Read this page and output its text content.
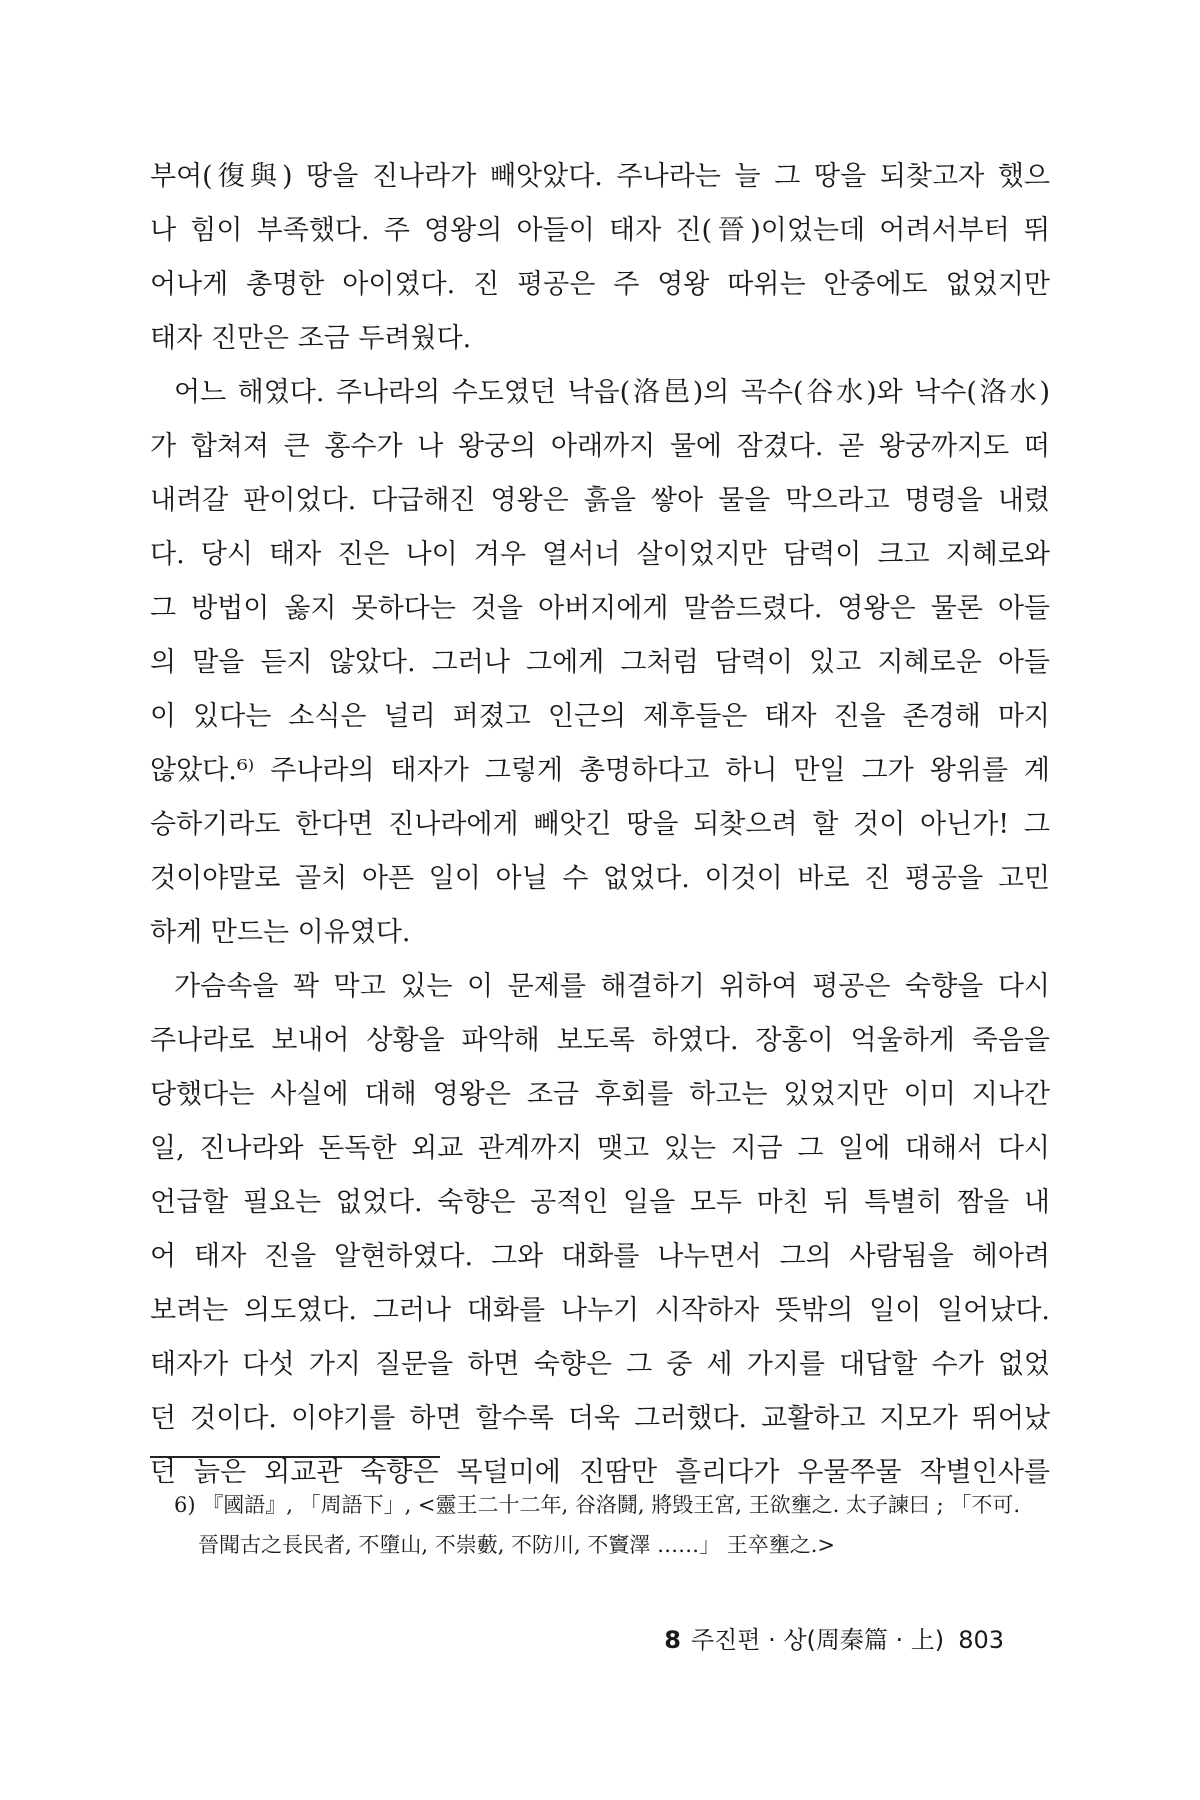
부여(復與) 땅을 진나라가 빼앗았다. 주나라는 늘 그 땅을 되찾고자 했으
나 힘이 부족했다. 주 영왕의 아들이 태자 진(晉)이었는데 어려서부터 뛰
어나게 총명한 아이였다. 진 평공은 주 영왕 따위는 안중에도 없었지만
태자 진만은 조금 두려웠다.
어느 해였다. 주나라의 수도였던 낙읍(洛邑)의 곡수(谷水)와 낙수(洛水)
가 합쳐져 큰 홍수가 나 왕궁의 아래까지 물에 잠겼다. 곧 왕궁까지도 떠
내려갈 판이었다. 다급해진 영왕은 흙을 쌓아 물을 막으라고 명령을 내렸
다. 당시 태자 진은 나이 겨우 열서너 살이었지만 담력이 크고 지혜로와
그 방법이 옳지 못하다는 것을 아버지에게 말씀드렸다. 영왕은 물론 아들
의 말을 듣지 않았다. 그러나 그에게 그처럼 담력이 있고 지혜로운 아들
이 있다는 소식은 널리 퍼졌고 인근의 제후들은 태자 진을 존경해 마지
않았다.⁶⁾ 주나라의 태자가 그렇게 총명하다고 하니 만일 그가 왕위를 계
승하기라도 한다면 진나라에게 빼앗긴 땅을 되찾으려 할 것이 아닌가! 그
것이야말로 골치 아픈 일이 아닐 수 없었다. 이것이 바로 진 평공을 고민
하게 만드는 이유였다.
가슴속을 꽉 막고 있는 이 문제를 해결하기 위하여 평공은 숙향을 다시
주나라로 보내어 상황을 파악해 보도록 하였다. 장홍이 억울하게 죽음을
당했다는 사실에 대해 영왕은 조금 후회를 하고는 있었지만 이미 지나간
일, 진나라와 돈독한 외교 관계까지 맺고 있는 지금 그 일에 대해서 다시
언급할 필요는 없었다. 숙향은 공적인 일을 모두 마친 뒤 특별히 짬을 내
어 태자 진을 알현하였다. 그와 대화를 나누면서 그의 사람됨을 헤아려
보려는 의도였다. 그러나 대화를 나누기 시작하자 뜻밖의 일이 일어났다.
태자가 다섯 가지 질문을 하면 숙향은 그 중 세 가지를 대답할 수가 없었
던 것이다. 이야기를 하면 할수록 더욱 그러했다. 교활하고 지모가 뛰어났
던 늙은 외교관 숙향은 목덜미에 진땀만 흘리다가 우물쭈물 작별인사를
6) 『國語』, 「周語下」, <靈王二十二年, 谷洛鬪, 將毁王宮, 王欲壅之. 太子諫曰 ; 「不可.
晉聞古之長民者, 不墮山, 不崇藪, 不防川, 不竇澤 ……」 王卒壅之.>
8 주진편 · 상(周秦篇 · 上) 803
